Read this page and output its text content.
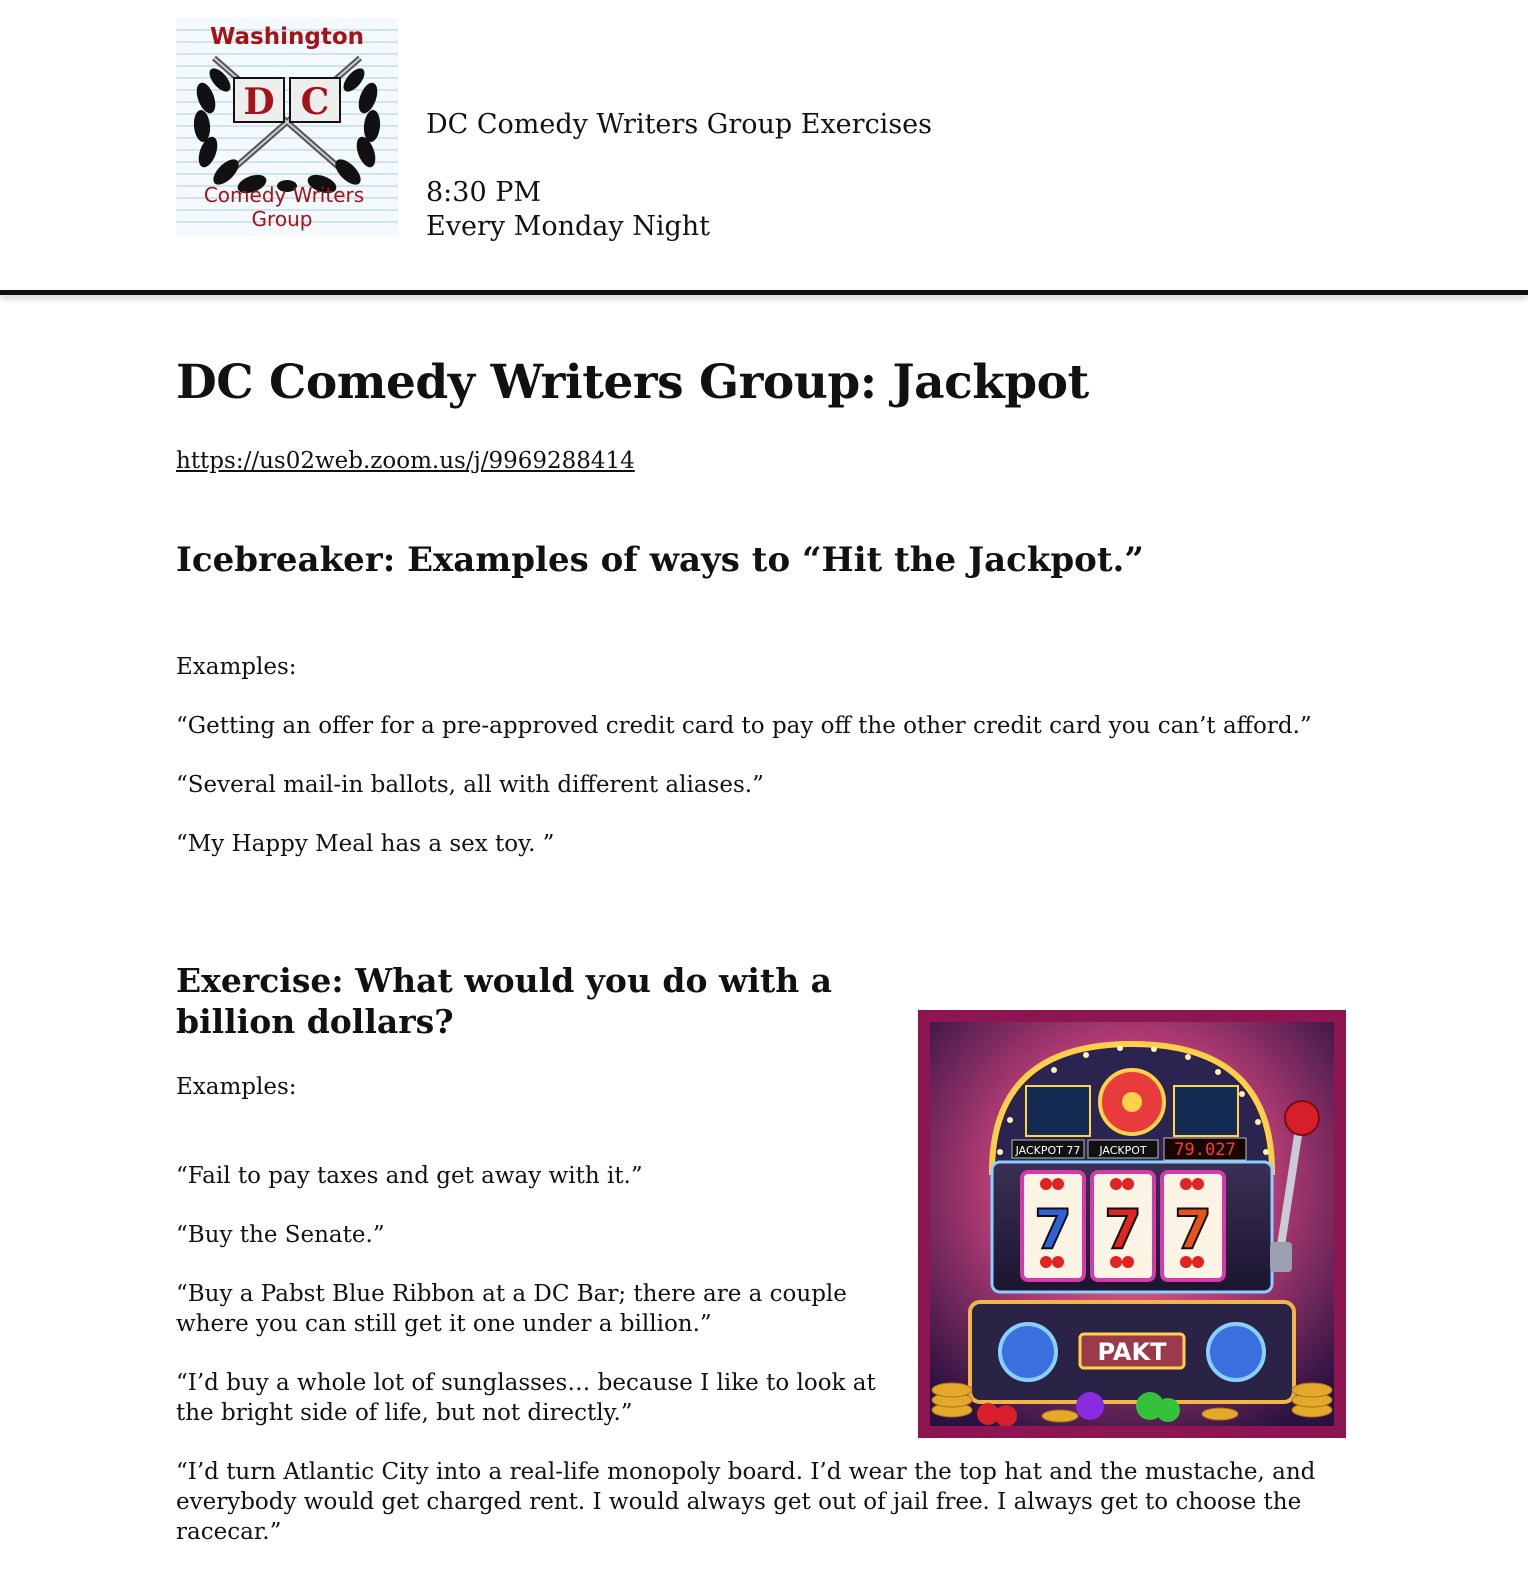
Washington
D C
Comedy Writers
Group
DC Comedy Writers Group Exercises
8:30 PM
Every Monday Night
DC Comedy Writers Group: Jackpot
https://us02web.zoom.us/j/9969288414
Icebreaker: Examples of ways to “Hit the Jackpot.”
Examples:
“Getting an offer for a pre-approved credit card to pay off the other credit card you can’t afford.”
“Several mail-in ballots, all with different aliases.”
“My Happy Meal has a sex toy. ”
Exercise: What would you do with a billion dollars?
Examples:
“Fail to pay taxes and get away with it.”
“Buy the Senate.”
“Buy a Pabst Blue Ribbon at a DC Bar; there are a couple where you can still get it one under a billion.”
“I’d buy a whole lot of sunglasses… because I like to look at the bright side of life, but not directly.”
“I’d turn Atlantic City into a real-life monopoly board. I’d wear the top hat and the mustache, and everybody would get charged rent. I would always get out of jail free. I always get to choose the racecar.”
JACKPOT 77 JACKPOT 79.027
7 7 7
PAKT
